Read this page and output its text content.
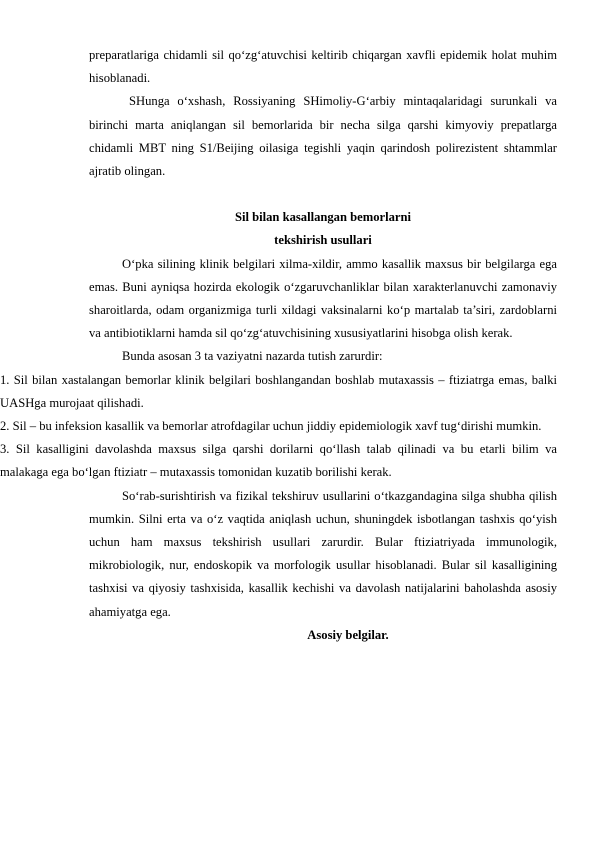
preparatlariga chidamli sil qo‘zg‘atuvchisi keltirib chiqargan xavfli epidemik holat muhim hisoblanadi.

SHunga o‘xshash, Rossiyaning SHimoliy-G‘arbiy mintaqalaridagi surunkali va birinchi marta aniqlangan sil bemorlarida bir necha silga qarshi kimyoviy prepatlarga chidamli MBT ning S1/Beijing oilasiga tegishli yaqin qarindosh polirezistent shtammlar ajratib olingan.

Sil bilan kasallangan bemorlarni

tekshirish usullari

O‘pka silining klinik belgilari xilma-xildir, ammo kasallik maxsus bir belgilarga ega emas. Buni ayniqsa hozirda ekologik o‘zgaruvchanliklar bilan xarakterlanuvchi zamonaviy sharoitlarda, odam organizmiga turli xildagi vaksinalarni ko‘p martalab ta’siri, zardoblarni va antibiotiklarni hamda sil qo‘zg‘atuvchisining xususiyatlarini hisobga olish kerak.

Bunda asosan 3 ta vaziyatni nazarda tutish zarurdir:

1. Sil bilan xastalangan bemorlar klinik belgilari boshlangandan boshlab mutaxassis – ftiziatrga emas, balki UASHga murojaat qilishadi.

2. Sil – bu infeksion kasallik va bemorlar atrofdagilar uchun jiddiy epidemiologik xavf tug‘dirishi mumkin.

3. Sil kasalligini davolashda maxsus silga qarshi dorilarni qo‘llash talab qilinadi va bu etarli bilim va malakaga ega bo‘lgan ftiziatr – mutaxassis tomonidan kuzatib borilishi kerak.

So‘rab-surishtirish va fizikal tekshiruv usullarini o‘tkazgandagina silga shubha qilish mumkin. Silni erta va o‘z vaqtida aniqlash uchun, shuningdek isbotlangan tashxis qo‘yish uchun ham maxsus tekshirish usullari zarurdir. Bular ftiziatriyada immunologik, mikrobiologik, nur, endoskopik va morfologik usullar hisoblanadi. Bular sil kasalligining tashxisi va qiyosiy tashxisida, kasallik kechishi va davolash natijalarini baholashda asosiy ahamiyatga ega.

Asosiy belgilar.
